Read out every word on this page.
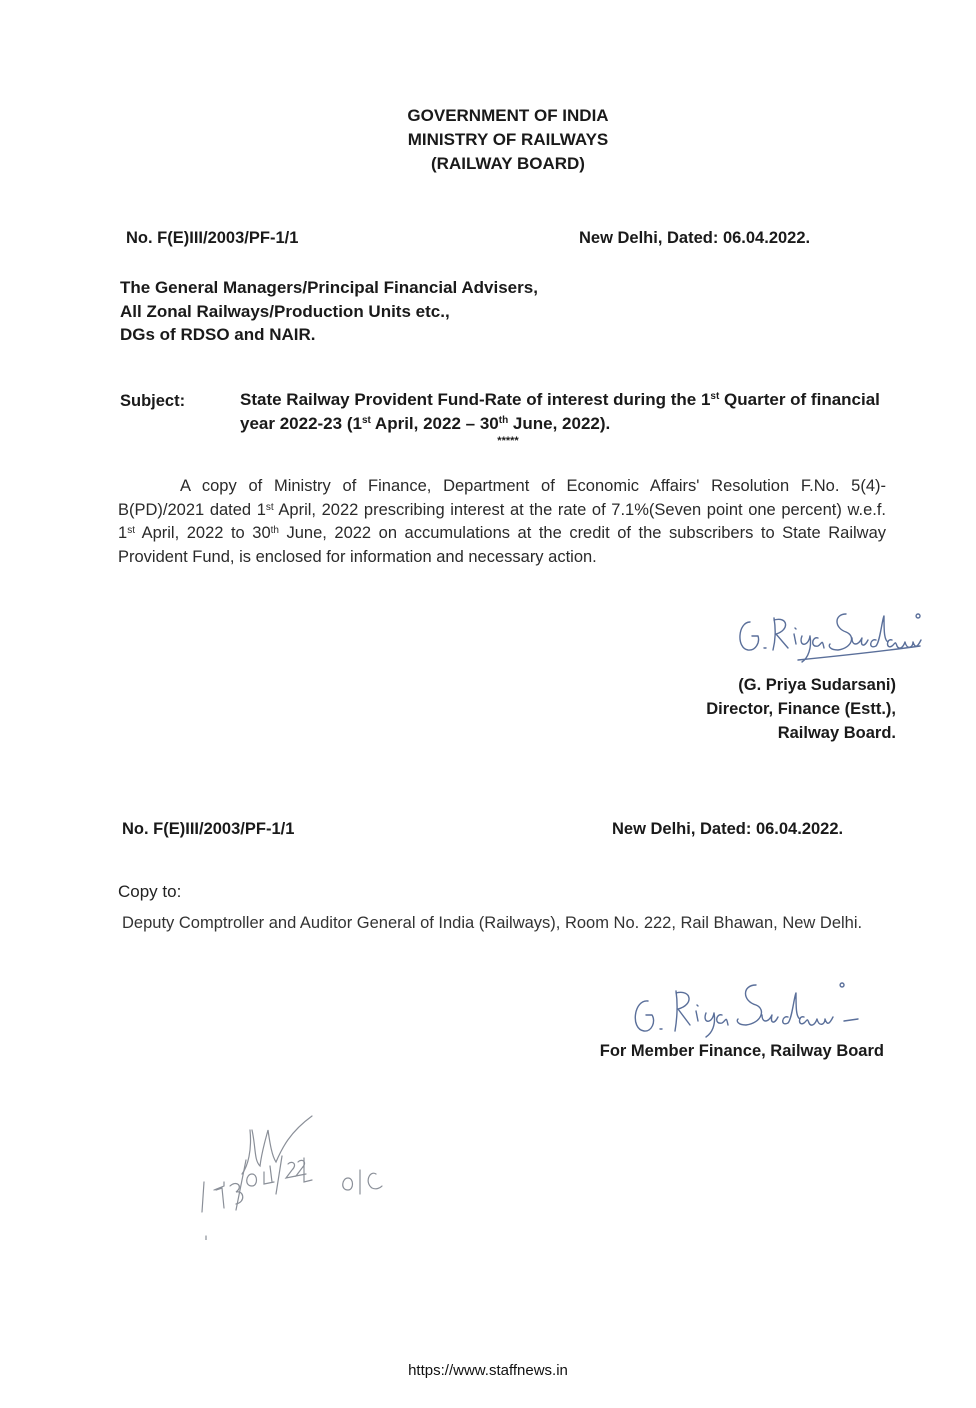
GOVERNMENT OF INDIA
MINISTRY OF RAILWAYS
(RAILWAY BOARD)
No. F(E)III/2003/PF-1/1	New Delhi, Dated: 06.04.2022.
The General Managers/Principal Financial Advisers,
All Zonal Railways/Production Units etc.,
DGs of RDSO and NAIR.
Subject:	State Railway Provident Fund-Rate of interest during the 1st Quarter of financial year 2022-23 (1st April, 2022 – 30th June, 2022).
*****
A copy of Ministry of Finance, Department of Economic Affairs' Resolution F.No. 5(4)-B(PD)/2021 dated 1st April, 2022 prescribing interest at the rate of 7.1%(Seven point one percent) w.e.f. 1st April, 2022 to 30th June, 2022 on accumulations at the credit of the subscribers to State Railway Provident Fund, is enclosed for information and necessary action.
(G. Priya Sudarsani)
Director, Finance (Estt.),
Railway Board.
No. F(E)III/2003/PF-1/1	New Delhi, Dated: 06.04.2022.
Copy to:
Deputy Comptroller and Auditor General of India (Railways), Room No. 222, Rail Bhawan, New Delhi.
For Member Finance, Railway Board
https://www.staffnews.in
